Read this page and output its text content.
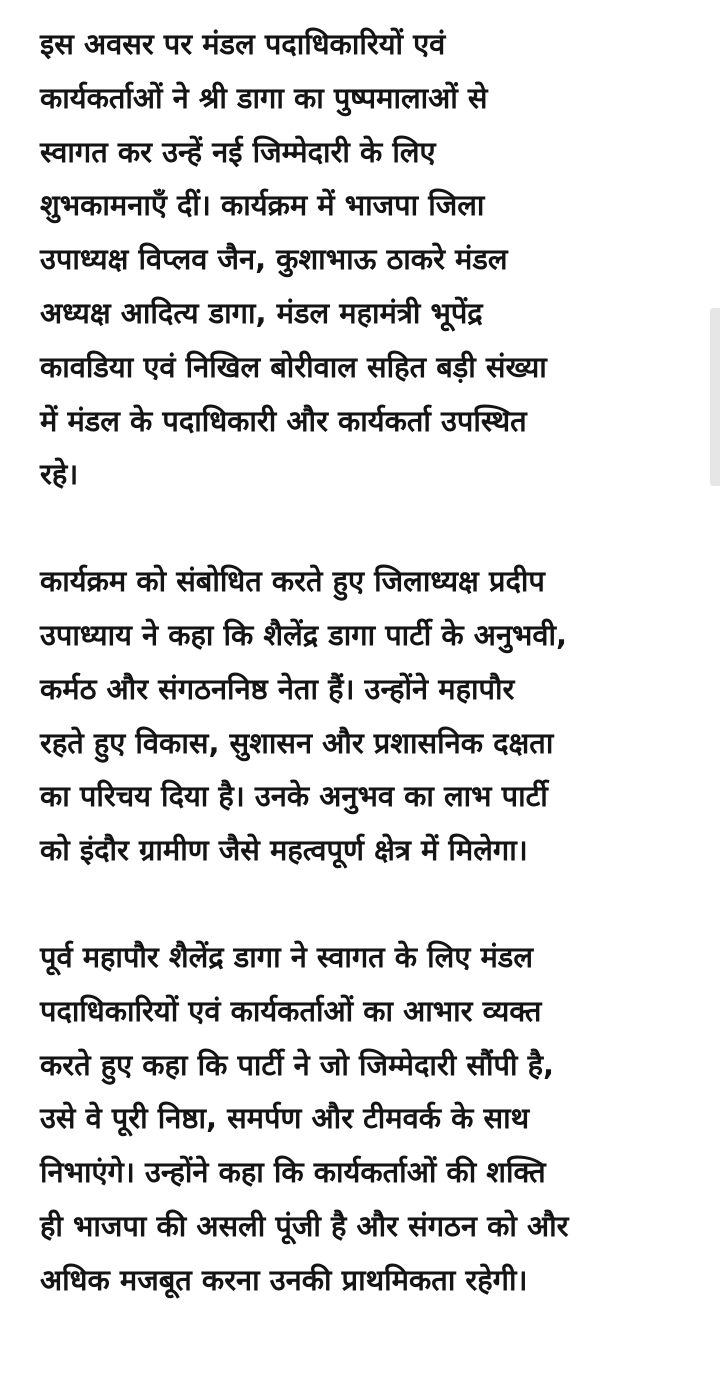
इस अवसर पर मंडल पदाधिकारियों एवं
कार्यकर्ताओं ने श्री डागा का पुष्पमालाओं से
स्वागत कर उन्हें नई जिम्मेदारी के लिए
शुभकामनाएँ दीं। कार्यक्रम में भाजपा जिला
उपाध्यक्ष विप्लव जैन, कुशाभाऊ ठाकरे मंडल
अध्यक्ष आदित्य डागा, मंडल महामंत्री भूपेंद्र
कावडिया एवं निखिल बोरीवाल सहित बड़ी संख्या
में मंडल के पदाधिकारी और कार्यकर्ता उपस्थित
रहे।

कार्यक्रम को संबोधित करते हुए जिलाध्यक्ष प्रदीप
उपाध्याय ने कहा कि शैलेंद्र डागा पार्टी के अनुभवी,
कर्मठ और संगठननिष्ठ नेता हैं। उन्होंने महापौर
रहते हुए विकास, सुशासन और प्रशासनिक दक्षता
का परिचय दिया है। उनके अनुभव का लाभ पार्टी
को इंदौर ग्रामीण जैसे महत्वपूर्ण क्षेत्र में मिलेगा।

पूर्व महापौर शैलेंद्र डागा ने स्वागत के लिए मंडल
पदाधिकारियों एवं कार्यकर्ताओं का आभार व्यक्त
करते हुए कहा कि पार्टी ने जो जिम्मेदारी सौंपी है,
उसे वे पूरी निष्ठा, समर्पण और टीमवर्क के साथ
निभाएंगे। उन्होंने कहा कि कार्यकर्ताओं की शक्ति
ही भाजपा की असली पूंजी है और संगठन को और
अधिक मजबूत करना उनकी प्राथमिकता रहेगी।
